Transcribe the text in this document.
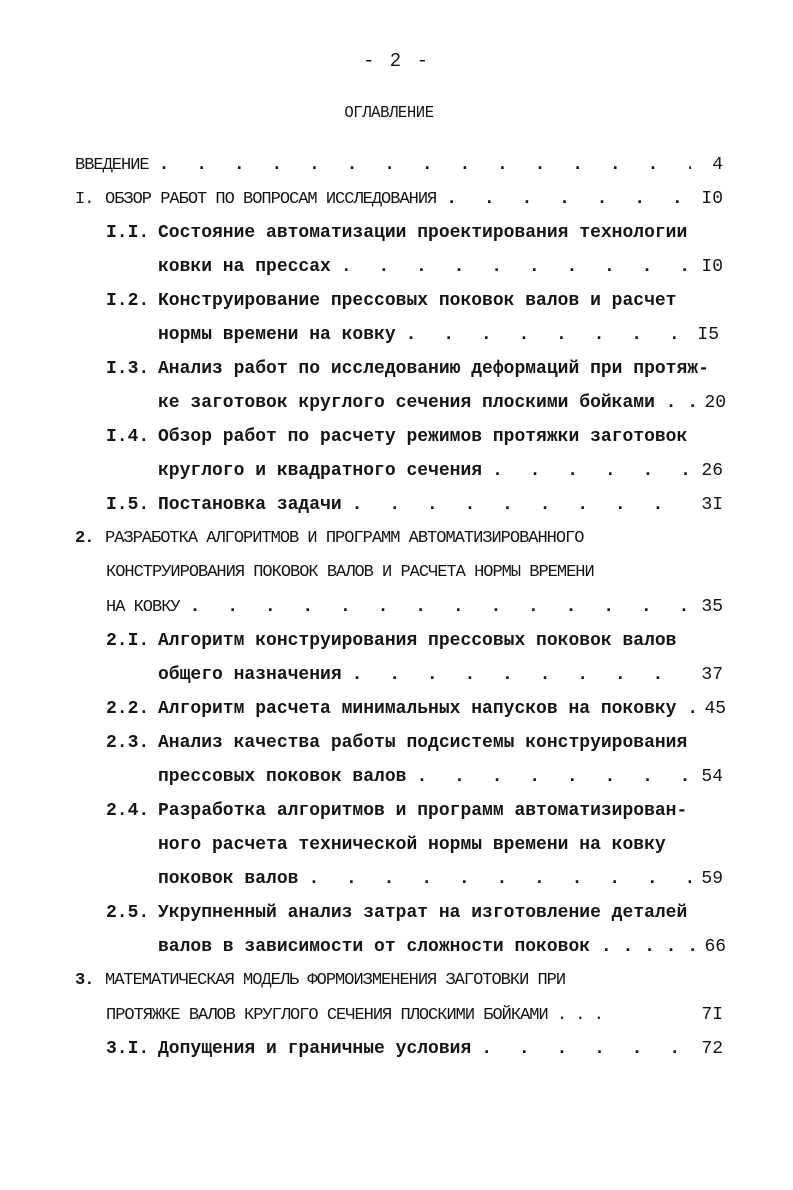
- 2 -
ОГЛАВЛЕНИЕ
ВВЕДЕНИЕ . . .	4
I. ОБЗОР РАБОТ ПО ВОПРОСАМ ИССЛЕДОВАНИЯ . . .	I0
I.I. Состояние автоматизации проектирования технологии
ковки на прессах . . .	I0
I.2. Конструирование прессовых поковок валов и расчет
нормы времени на ковку . . .	I5
I.3. Анализ работ по исследованию деформаций при протяж-
ке заготовок круглого сечения плоскими бойками . . 20
I.4. Обзор работ по расчету режимов протяжки заготовок
круглого и квадратного сечения . . .	26
I.5. Постановка задачи . . .	3I
2. РАЗРАБОТКА АЛГОРИТМОВ И ПРОГРАММ АВТОМАТИЗИРОВАННОГО
КОНСТРУИРОВАНИЯ ПОКОВОК ВАЛОВ И РАСЧЕТА НОРМЫ ВРЕМЕНИ
НА КОВКУ . . .	35
2.I. Алгоритм конструирования прессовых поковок валов
общего назначения . . .	37
2.2. Алгоритм расчета минимальных напусков на поковку . 45
2.3. Анализ качества работы подсистемы конструирования
прессовых поковок валов . . .	54
2.4. Разработка алгоритмов и программ автоматизирован-
ного расчета технической нормы времени на ковку
поковок валов . . .	59
2.5. Укрупненный анализ затрат на изготовление деталей
валов в зависимости от сложности поковок . . . . . 66
3. МАТЕМАТИЧЕСКАЯ МОДЕЛЬ ФОРМОИЗМЕНЕНИЯ ЗАГОТОВКИ ПРИ
ПРОТЯЖКЕ ВАЛОВ КРУГЛОГО СЕЧЕНИЯ ПЛОСКИМИ БОЙКАМИ . . .	7I
3.I. Допущения и граничные условия . . .	72
